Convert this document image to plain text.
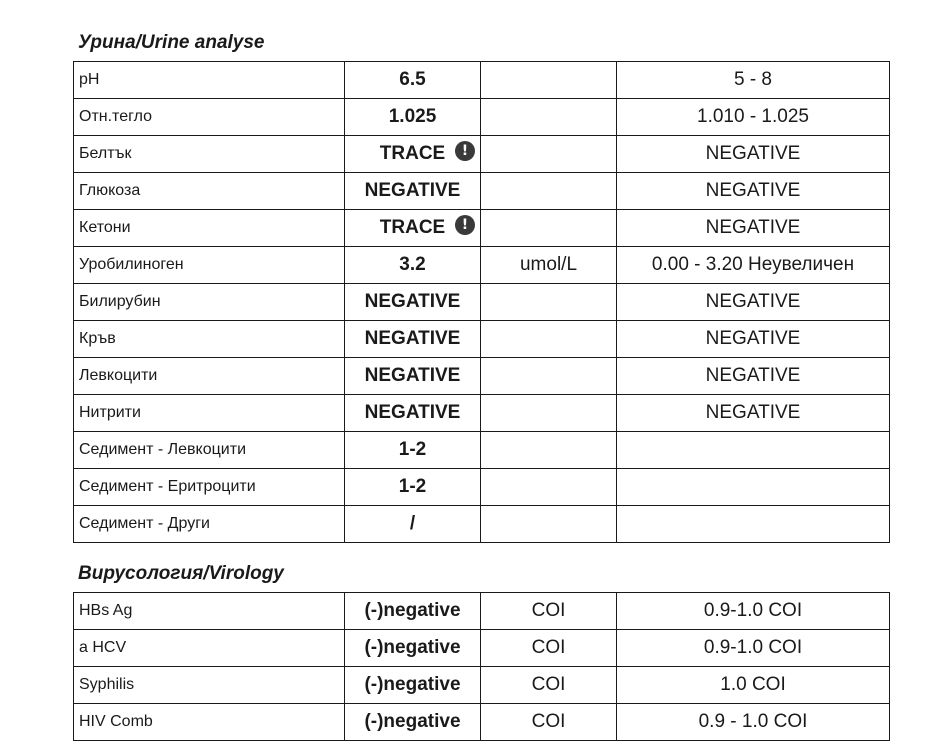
Урина/Urine analyse
pH	6.5		5 - 8
Отн.тегло	1.025		1.010 - 1.025
Белтък	TRACE !		NEGATIVE
Глюкоза	NEGATIVE		NEGATIVE
Кетони	TRACE !		NEGATIVE
Уробилиноген	3.2	umol/L	0.00 - 3.20 Неувеличен
Билирубин	NEGATIVE		NEGATIVE
Кръв	NEGATIVE		NEGATIVE
Левкоцити	NEGATIVE		NEGATIVE
Нитрити	NEGATIVE		NEGATIVE
Седимент - Левкоцити	1-2		
Седимент - Еритроцити	1-2		
Седимент - Други	/		
Вирусология/Virology
HBs Ag	(-)negative	COI	0.9-1.0 COI
a HCV	(-)negative	COI	0.9-1.0 COI
Syphilis	(-)negative	COI	1.0 COI
HIV Comb	(-)negative	COI	0.9 - 1.0 COI
